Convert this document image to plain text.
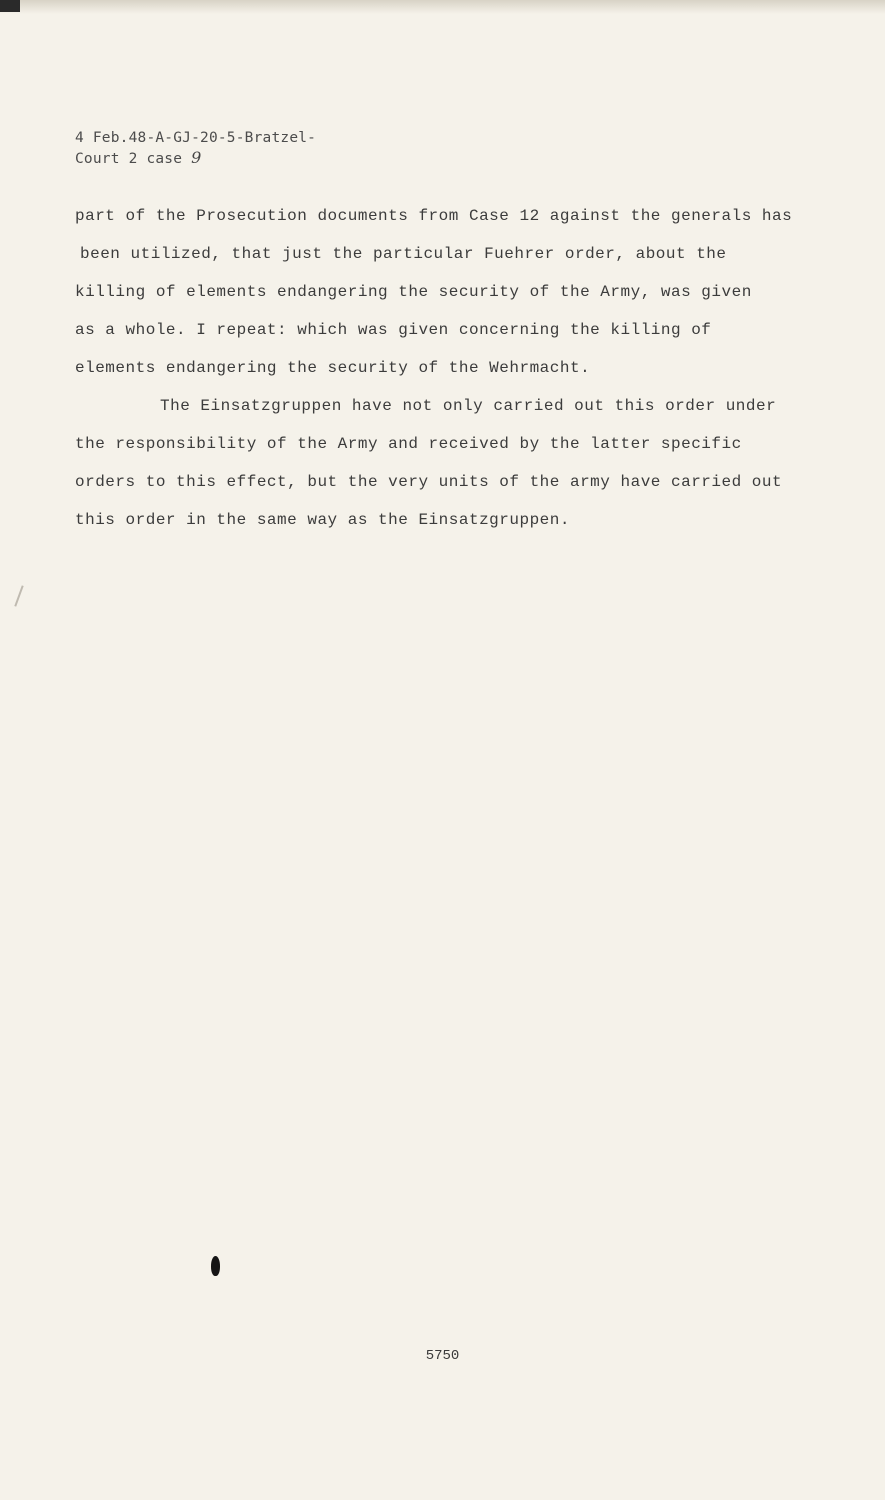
4 Feb.48-A-GJ-20-5-Bratzel-
Court 2 case 9
part of the Prosecution documents from Case 12 against the generals has
been utilized, that just the particular Fuehrer order, about the
killing of elements endangering the security of the Army, was given
as a whole. I repeat: which was given concerning the killing of
elements endangering the security of the Wehrmacht.
The Einsatzgruppen have not only carried out this order under
the responsibility of the Army and received by the latter specific
orders to this effect, but the very units of the army have carried out
this order in the same way as the Einsatzgruppen.
5750
